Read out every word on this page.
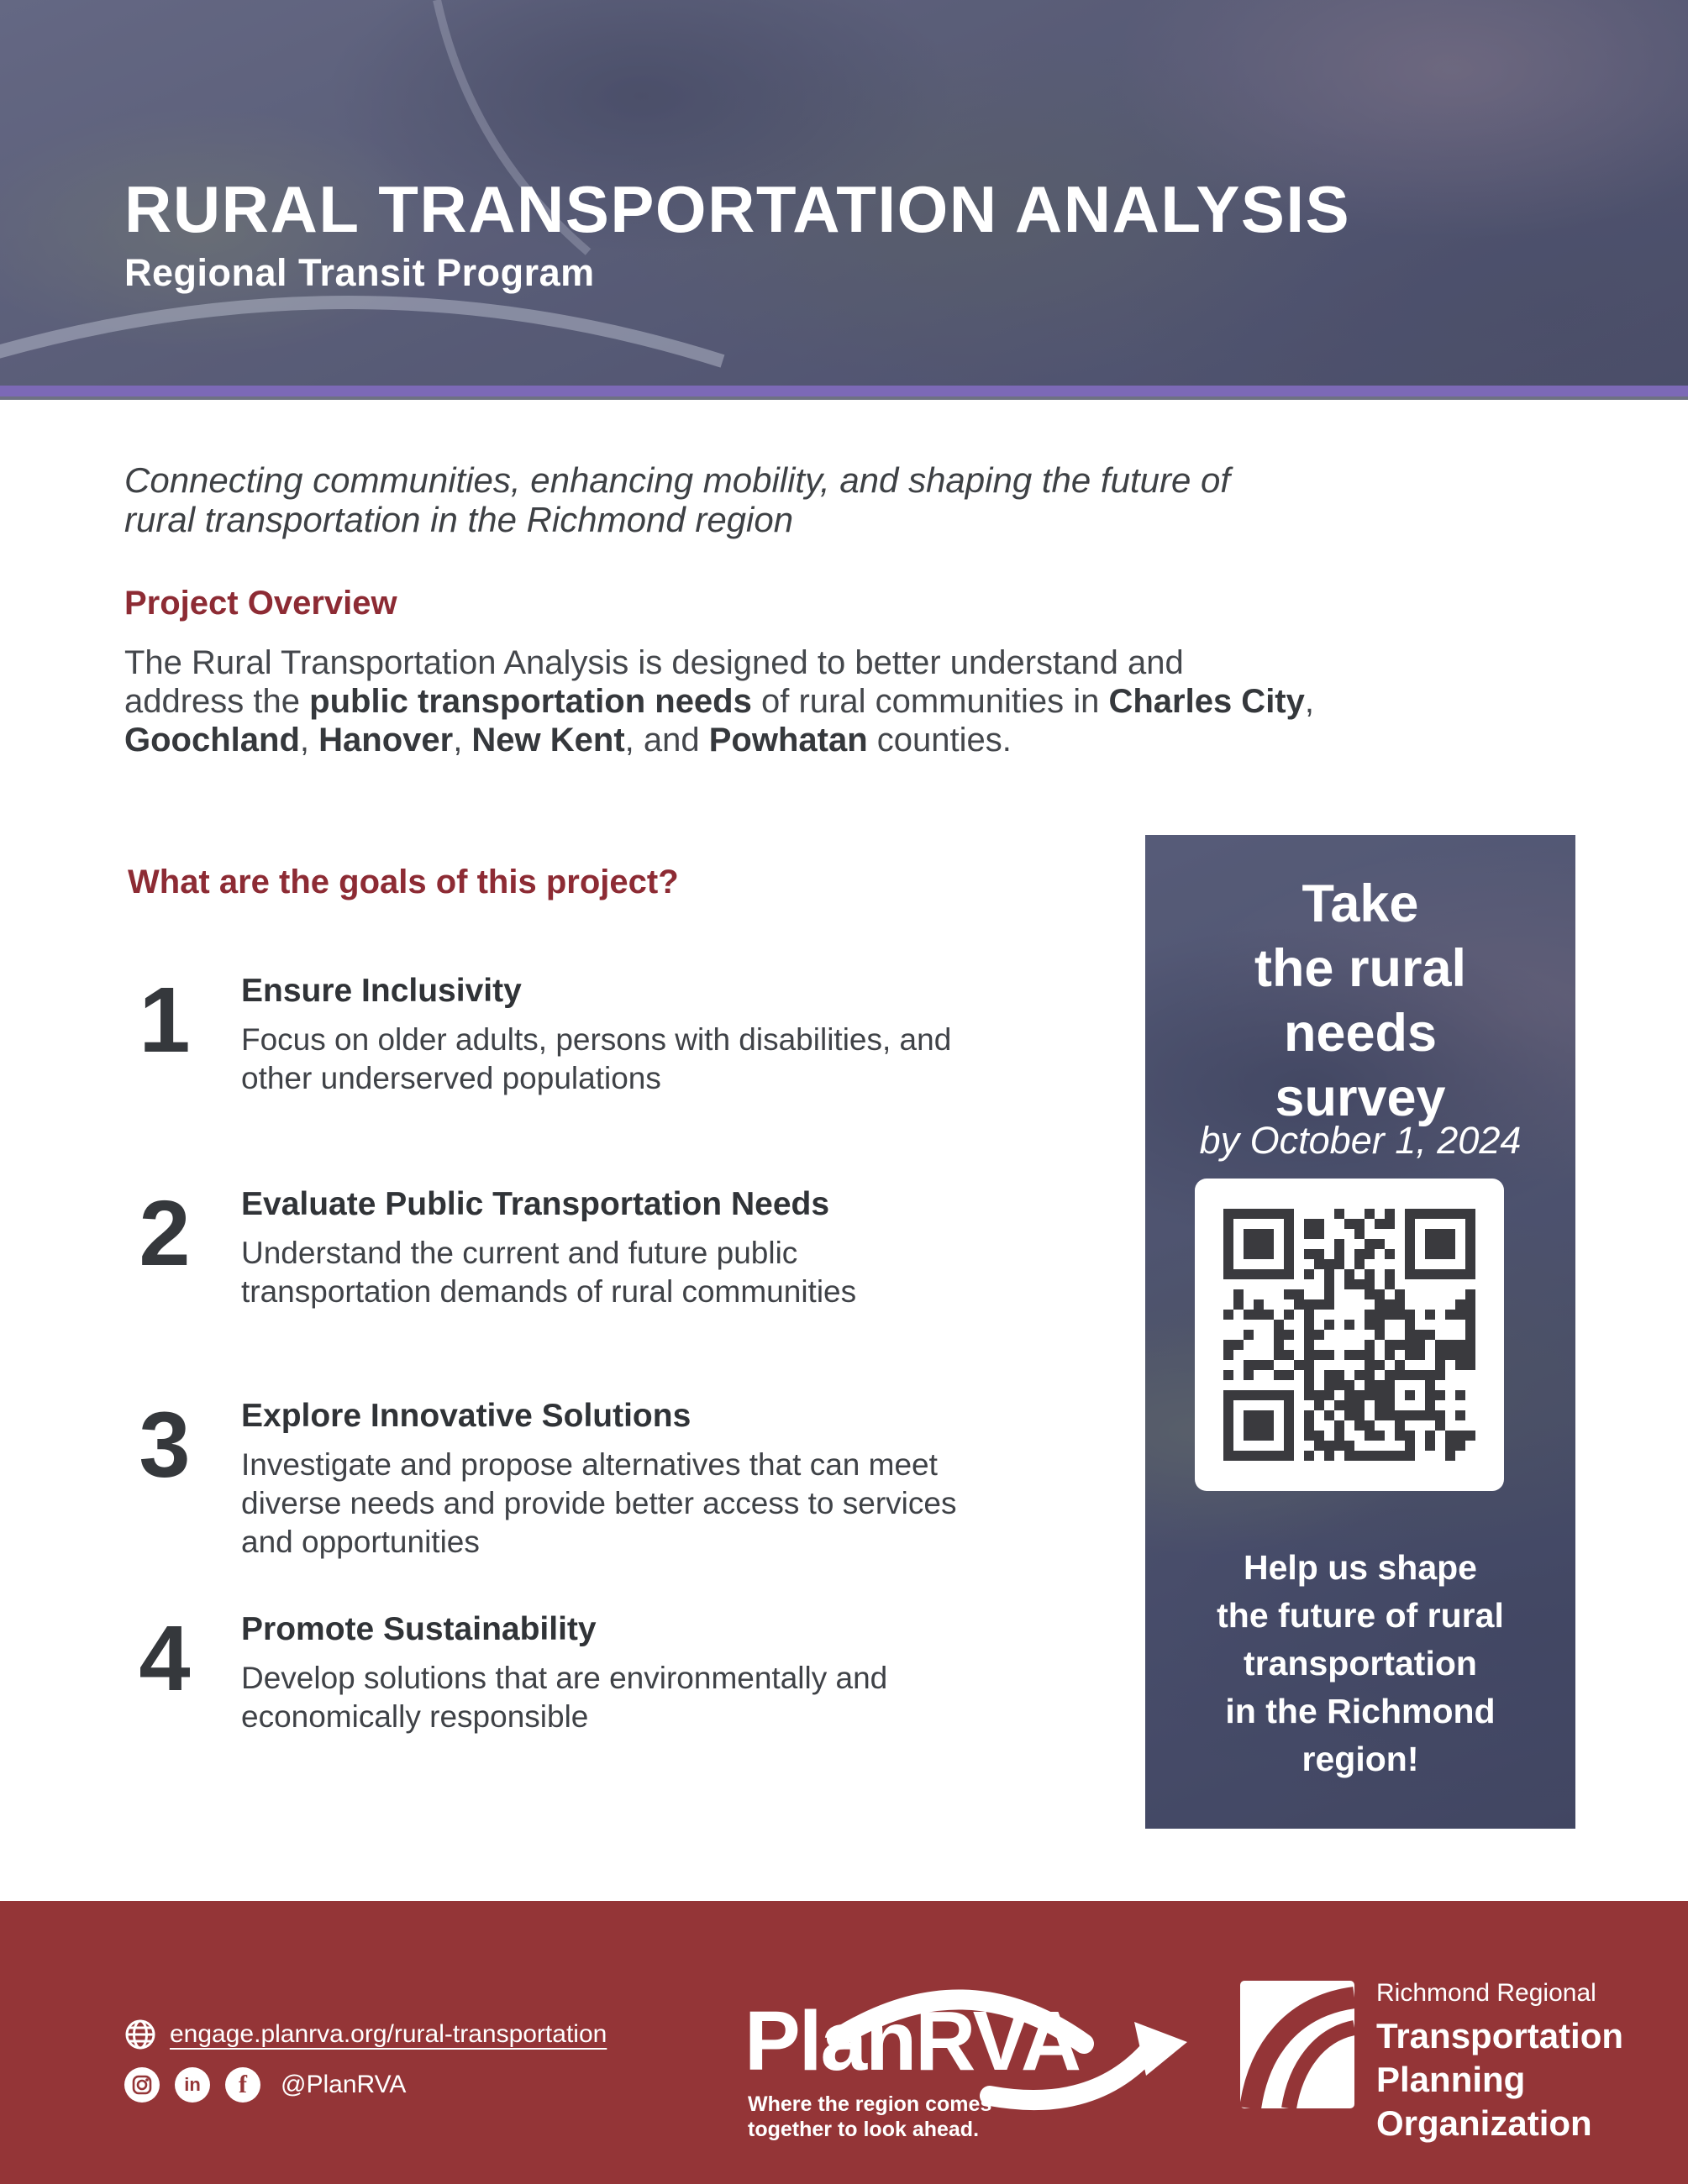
RURAL TRANSPORTATION ANALYSIS
Regional Transit Program
Connecting communities, enhancing mobility, and shaping the future of
rural transportation in the Richmond region
Project Overview
The Rural Transportation Analysis is designed to better understand and
address the public transportation needs of rural communities in Charles City,
Goochland, Hanover, New Kent, and Powhatan counties.
What are the goals of this project?
1	Ensure Inclusivity
Focus on older adults, persons with disabilities, and
other underserved populations
2	Evaluate Public Transportation Needs
Understand the current and future public
transportation demands of rural communities
3	Explore Innovative Solutions
Investigate and propose alternatives that can meet
diverse needs and provide better access to services
and opportunities
4	Promote Sustainability
Develop solutions that are environmentally and
economically responsible
Take
the rural
needs
survey
by October 1, 2024
Help us shape
the future of rural
transportation
in the Richmond
region!
engage.planrva.org/rural-transportation
in	f	@PlanRVA	PlanRVA
Where the region comes
together to look ahead.
Richmond Regional
Transportation
Planning
Organization
